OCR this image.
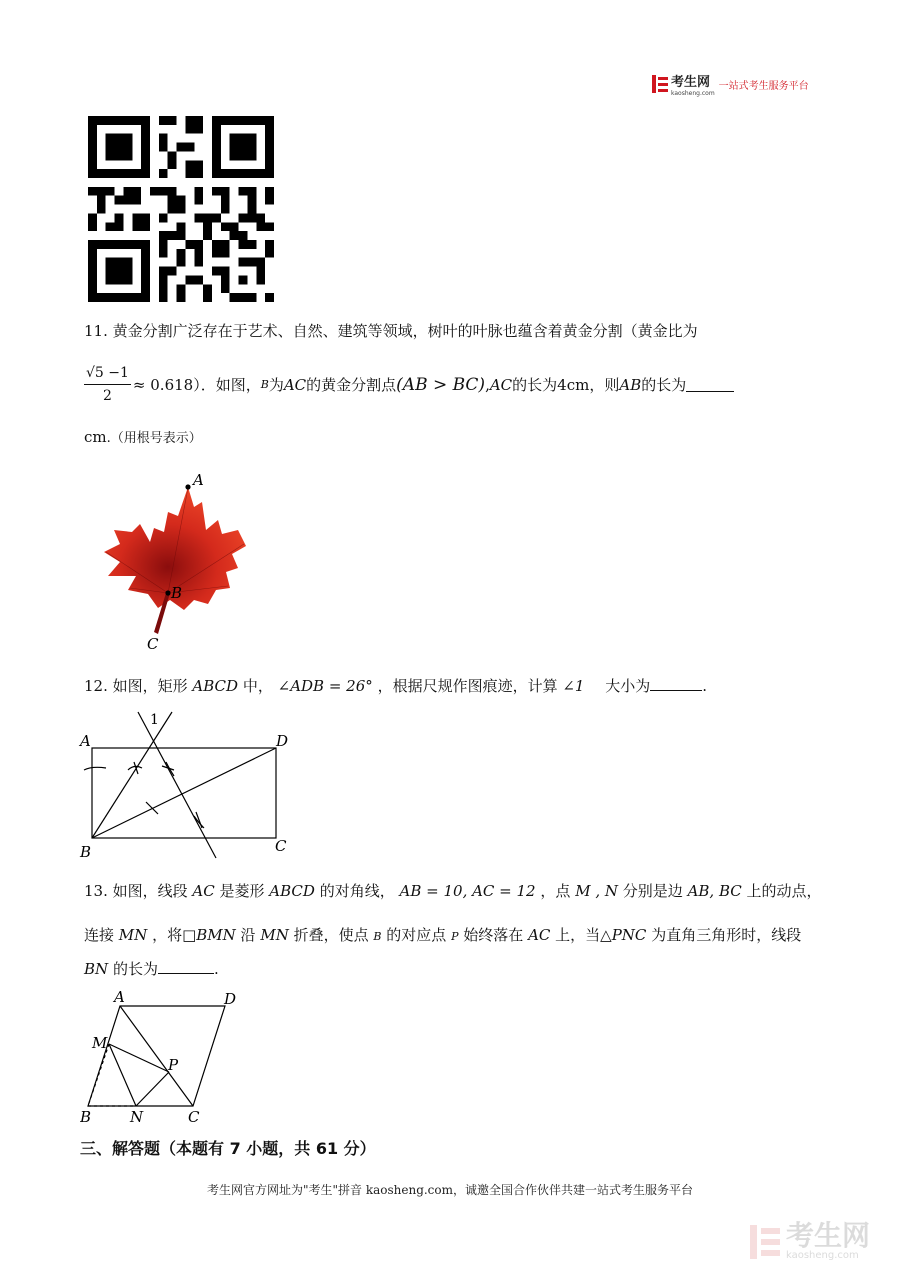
考生网
kaosheng.com
一站式考生服务平台
11. 黄金分割广泛存在于艺术、自然、建筑等领域，树叶的叶脉也蕴含着黄金分割（黄金比为
$\frac{√5 -1}{2} \approx 0.618$ ）．如图， B 为 AC 的黄金分割点 (AB > BC) , AC 的长为 4cm ，则 AB 的长为
cm.（用根号表示）
A
B
C
12. 如图，矩形 ABCD 中， ∠ADB = 26° ，根据尺规作图痕迹，计算 ∠1 大小为	.
A	D
B	C
1
13. 如图，线段 AC 是菱形 ABCD 的对角线， AB = 10, AC = 12 ，点 M , N 分别是边 AB, BC 上的动点，
连接 MN ，将□BMN 沿 MN 折叠，使点 B 的对应点 P 始终落在 AC 上，当△PNC 为直角三角形时，线段
BN 的长为	.
A	D
M
P
B	N	C
三、解答题（本题有 7 小题，共 61 分）
考生网官方网址为"考生"拼音 kaosheng.com，诚邀全国合作伙伴共建一站式考生服务平台
考生网
kaosheng.com
